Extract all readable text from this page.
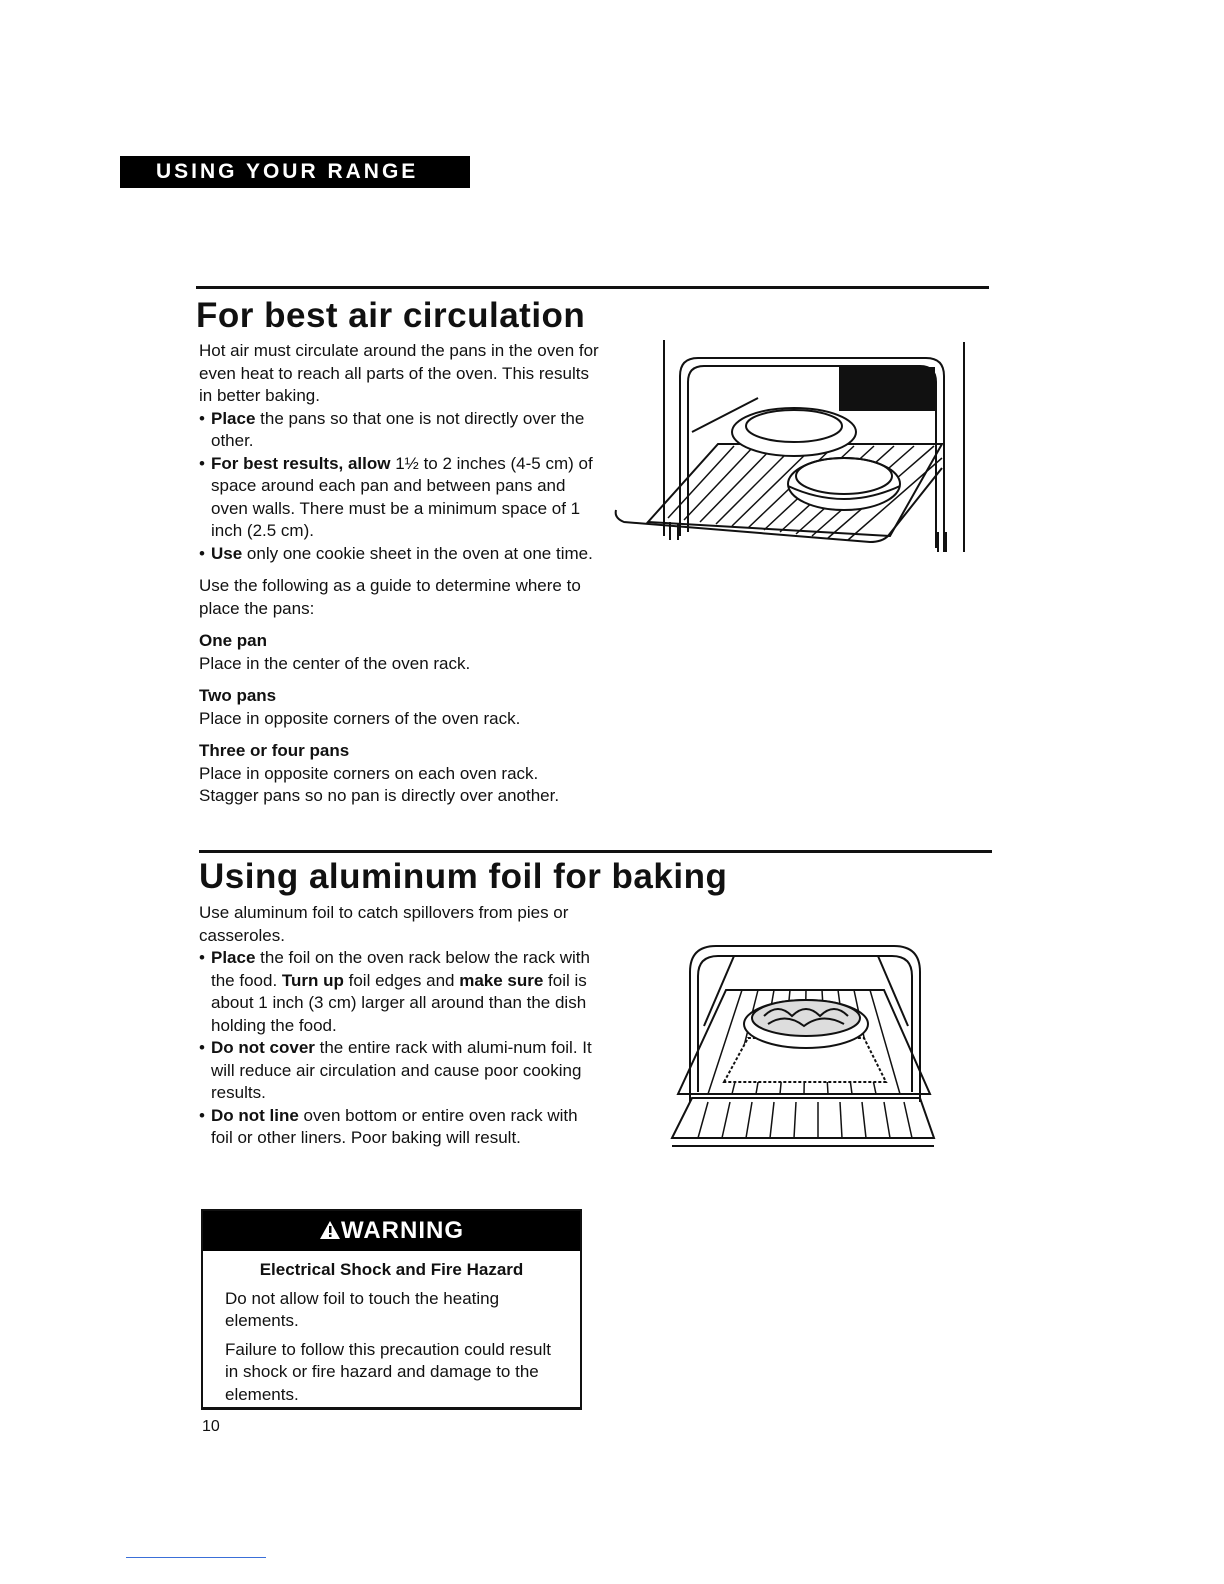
USING YOUR RANGE
For best air circulation

Hot air must circulate around the pans in the oven for even heat to reach all parts of the oven. This results in better baking.

• Place the pans so that one is not directly over the other.
• For best results, allow 1½ to 2 inches (4-5 cm) of space around each pan and between pans and oven walls. There must be a minimum space of 1 inch (2.5 cm).
• Use only one cookie sheet in the oven at one time.

Use the following as a guide to determine where to place the pans:

One pan

Place in the center of the oven rack.

Two pans

Place in opposite corners of the oven rack.

Three or four pans

Place in opposite corners on each oven rack. Stagger pans so no pan is directly over another.

Using aluminum foil for baking

Use aluminum foil to catch spillovers from pies or casseroles.

• Place the foil on the oven rack below the rack with the food. Turn up foil edges and make sure foil is about 1 inch (3 cm) larger all around than the dish holding the food.
• Do not cover the entire rack with alumi-num foil. It will reduce air circulation and cause poor cooking results.
• Do not line oven bottom or entire oven rack with foil or other liners. Poor baking will result.
WARNING

Electrical Shock and Fire Hazard

Do not allow foil to touch the heating elements.

Failure to follow this precaution could result in shock or fire hazard and damage to the elements.

10
